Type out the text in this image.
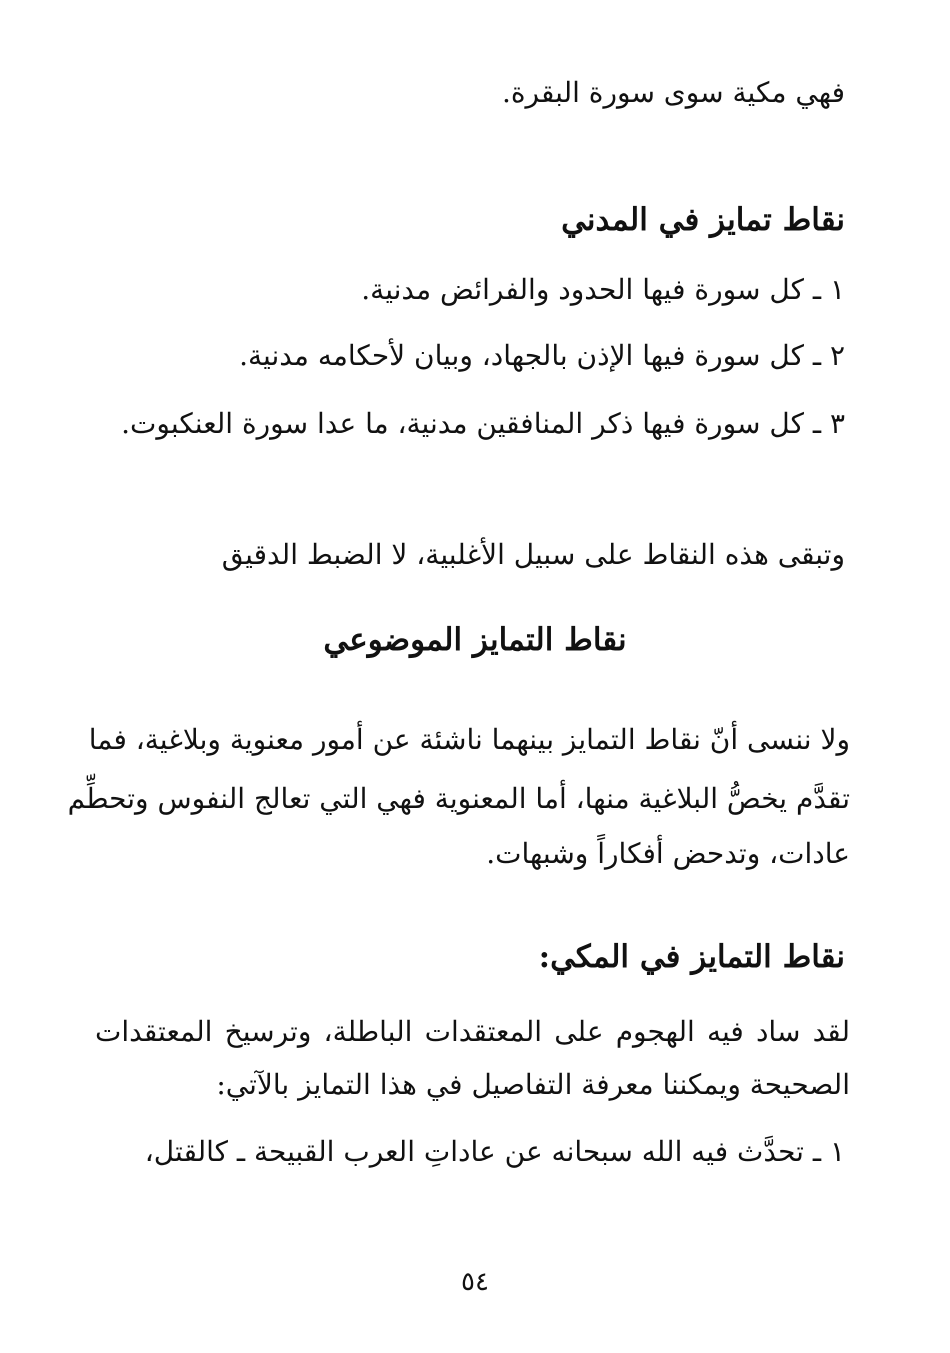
فهي مكية سوى سورة البقرة.
نقاط تمايز في المدني
١ ـ كل سورة فيها الحدود والفرائض مدنية.
٢ ـ كل سورة فيها الإذن بالجهاد، وبيان لأحكامه مدنية.
٣ ـ كل سورة فيها ذكر المنافقين مدنية، ما عدا سورة العنكبوت.
وتبقى هذه النقاط على سبيل الأغلبية، لا الضبط الدقيق
نقاط التمايز الموضوعي
ولا ننسى أنّ نقاط التمايز بينهما ناشئة عن أمور معنوية وبلاغية، فما
تقدَّم يخصُّ البلاغية منها، أما المعنوية فهي التي تعالج النفوس وتحطِّم
عادات، وتدحض أفكاراً وشبهات.
نقاط التمايز في المكي:
لقد ساد فيه الهجوم على المعتقدات الباطلة، وترسيخ المعتقدات
الصحيحة ويمكننا معرفة التفاصيل في هذا التمايز بالآتي:
١ ـ تحدَّث فيه الله سبحانه عن عاداتِ العرب القبيحة ـ كالقتل،
٥٤
